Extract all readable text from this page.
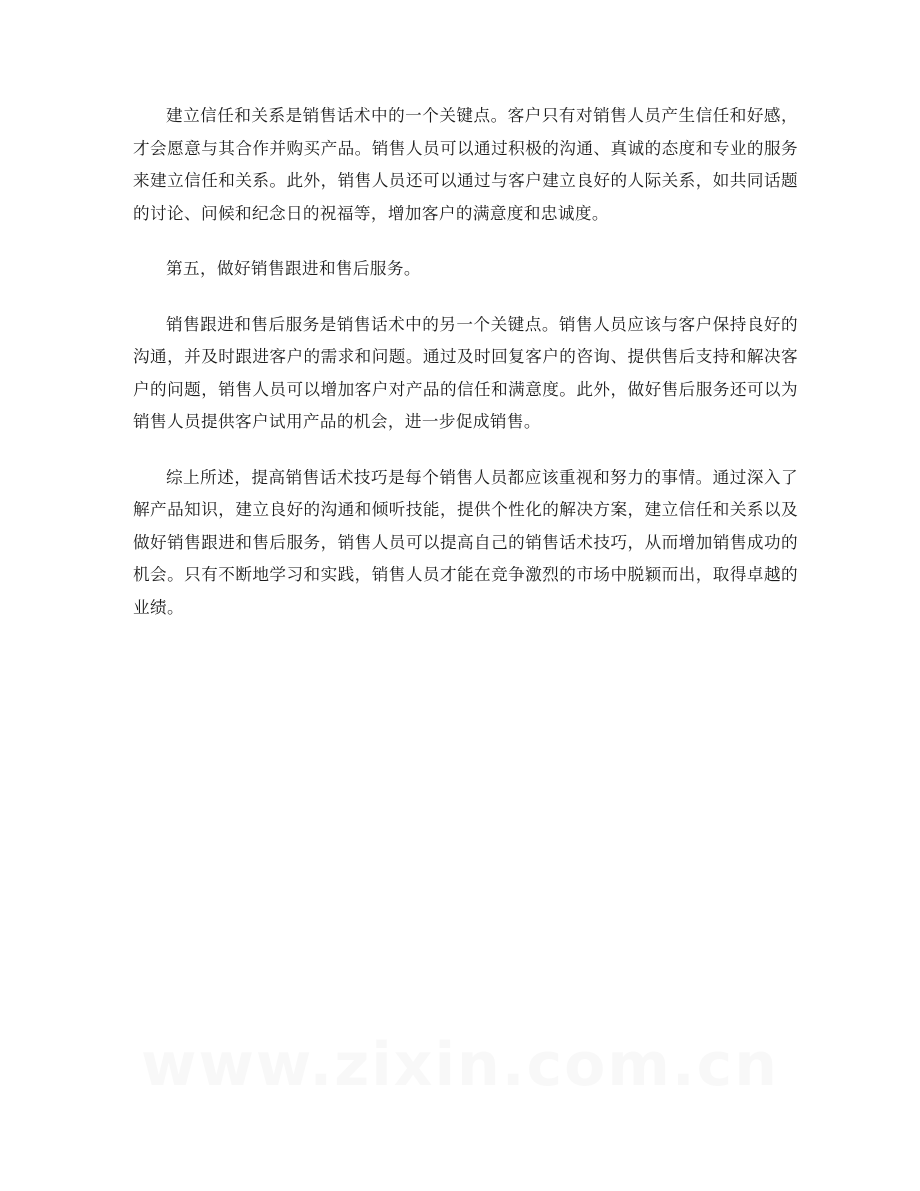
建立信任和关系是销售话术中的一个关键点。客户只有对销售人员产生信任和好感，才会愿意与其合作并购买产品。销售人员可以通过积极的沟通、真诚的态度和专业的服务来建立信任和关系。此外，销售人员还可以通过与客户建立良好的人际关系，如共同话题的讨论、问候和纪念日的祝福等，增加客户的满意度和忠诚度。

第五，做好销售跟进和售后服务。

销售跟进和售后服务是销售话术中的另一个关键点。销售人员应该与客户保持良好的沟通，并及时跟进客户的需求和问题。通过及时回复客户的咨询、提供售后支持和解决客户的问题，销售人员可以增加客户对产品的信任和满意度。此外，做好售后服务还可以为销售人员提供客户试用产品的机会，进一步促成销售。

综上所述，提高销售话术技巧是每个销售人员都应该重视和努力的事情。通过深入了解产品知识，建立良好的沟通和倾听技能，提供个性化的解决方案，建立信任和关系以及做好销售跟进和售后服务，销售人员可以提高自己的销售话术技巧，从而增加销售成功的机会。只有不断地学习和实践，销售人员才能在竞争激烈的市场中脱颖而出，取得卓越的业绩。

www.zixin.com.cn
